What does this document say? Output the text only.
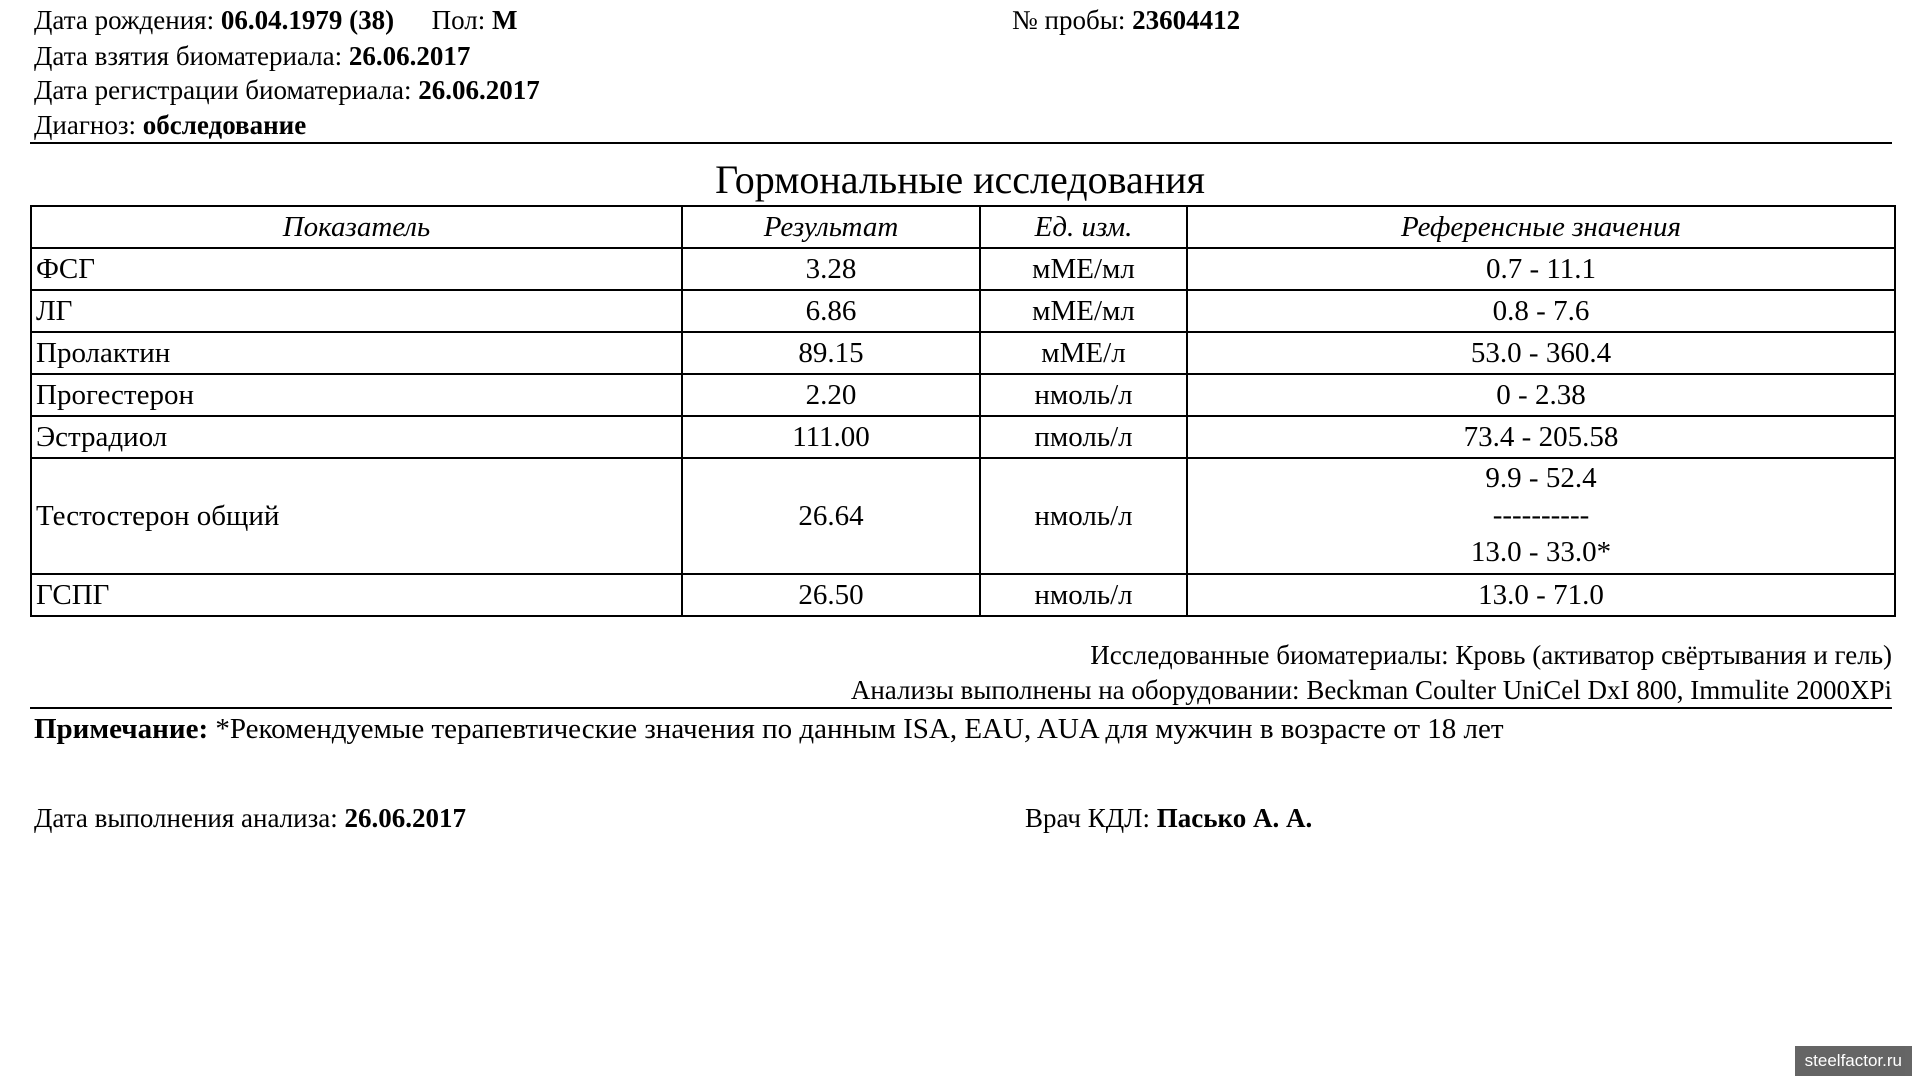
Дата рождения: 06.04.1979 (38) Пол: М	№ пробы: 23604412
Дата взятия биоматериала: 26.06.2017
Дата регистрации биоматериала: 26.06.2017
Диагноз: обследование
Гормональные исследования
Показатель	Результат	Ед. изм.	Референсные значения
ФСГ	3.28	мМЕ/мл	0.7 - 11.1
ЛГ	6.86	мМЕ/мл	0.8 - 7.6
Пролактин	89.15	мМЕ/л	53.0 - 360.4
Прогестерон	2.20	нмоль/л	0 - 2.38
Эстрадиол	111.00	пмоль/л	73.4 - 205.58
Тестостерон общий	26.64	нмоль/л	9.9 - 52.4
----------
13.0 - 33.0*

ГСПГ	26.50	нмоль/л	13.0 - 71.0
Исследованные биоматериалы: Кровь (активатор свёртывания и гель)
Анализы выполнены на оборудовании: Beckman Coulter UniCel DxI 800, Immulite 2000XPi
Примечание: *Рекомендуемые терапевтические значения по данным ISA, EAU, AUA для мужчин в возрасте от 18 лет
Дата выполнения анализа: 26.06.2017	Врач КДЛ: Пасько А. А.
steelfactor.ru
